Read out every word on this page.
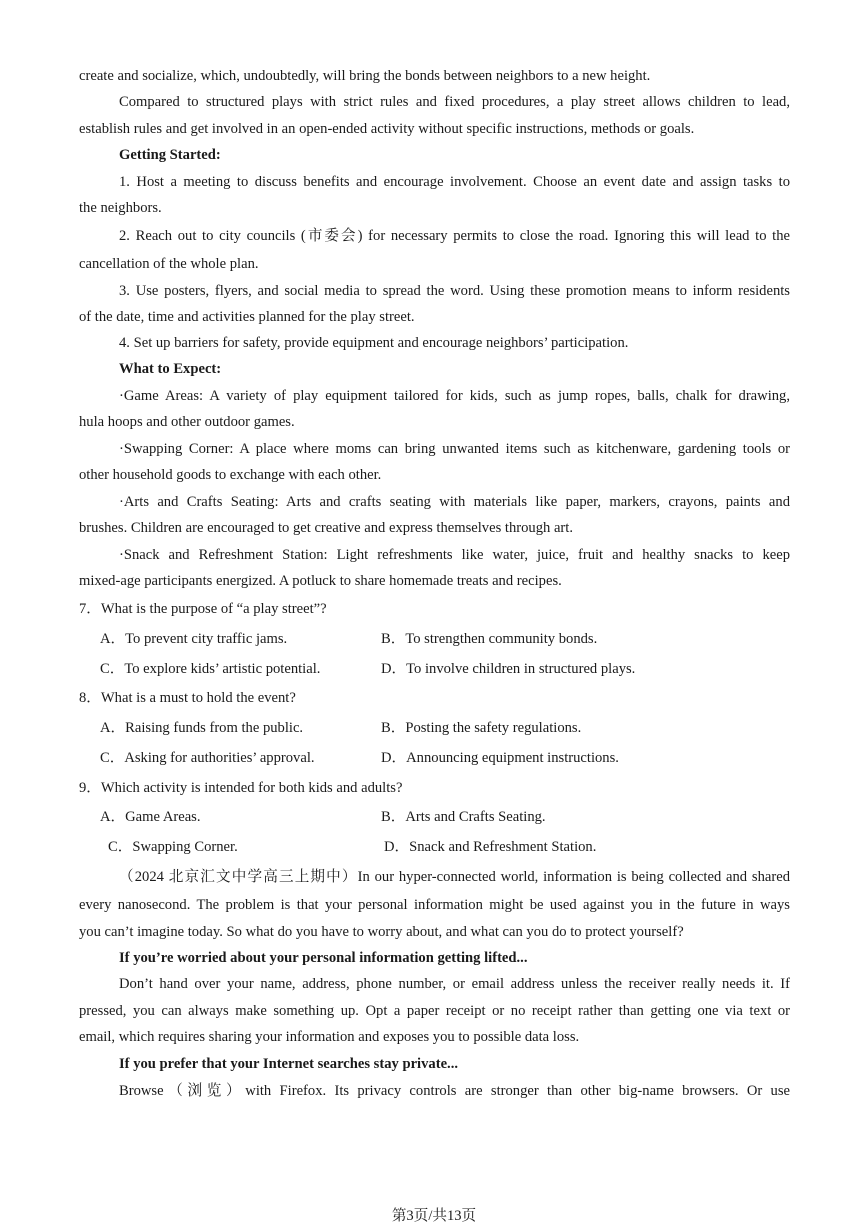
create and socialize, which, undoubtedly, will bring the bonds between neighbors to a new height.
Compared to structured plays with strict rules and fixed procedures, a play street allows children to lead,
establish rules and get involved in an open-ended activity without specific instructions, methods or goals.
Getting Started:
1. Host a meeting to discuss benefits and encourage involvement. Choose an event date and assign tasks to
the neighbors.
2. Reach out to city councils (市委会) for necessary permits to close the road. Ignoring this will lead to the
cancellation of the whole plan.
3. Use posters, flyers, and social media to spread the word. Using these promotion means to inform residents
of the date, time and activities planned for the play street.
4. Set up barriers for safety, provide equipment and encourage neighbors’ participation.
What to Expect:
·Game Areas: A variety of play equipment tailored for kids, such as jump ropes, balls, chalk for drawing,
hula hoops and other outdoor games.
·Swapping Corner: A place where moms can bring unwanted items such as kitchenware, gardening tools or
other household goods to exchange with each other.
·Arts and Crafts Seating: Arts and crafts seating with materials like paper, markers, crayons, paints and
brushes. Children are encouraged to get creative and express themselves through art.
·Snack and Refreshment Station: Light refreshments like water, juice, fruit and healthy snacks to keep
mixed-age participants energized. A potluck to share homemade treats and recipes.
7．What is the purpose of “a play street”?
A．To prevent city traffic jams.	B．To strengthen community bonds.
C．To explore kids’ artistic potential.	D．To involve children in structured plays.
8．What is a must to hold the event?
A．Raising funds from the public.	B．Posting the safety regulations.
C．Asking for authorities’ approval.	D．Announcing equipment instructions.
9．Which activity is intended for both kids and adults?
A．Game Areas.	B．Arts and Crafts Seating.
C．Swapping Corner.	D．Snack and Refreshment Station.
（2024 北京汇文中学高三上期中）In our hyper-connected world, information is being collected and shared
every nanosecond. The problem is that your personal information might be used against you in the future in ways
you can’t imagine today. So what do you have to worry about, and what can you do to protect yourself?
If you’re worried about your personal information getting lifted...
Don’t hand over your name, address, phone number, or email address unless the receiver really needs it. If
pressed, you can always make something up. Opt a paper receipt or no receipt rather than getting one via text or
email, which requires sharing your information and exposes you to possible data loss.
If you prefer that your Internet searches stay private...
Browse（浏览）with Firefox. Its privacy controls are stronger than other big-name browsers. Or use
第3页/共13页
